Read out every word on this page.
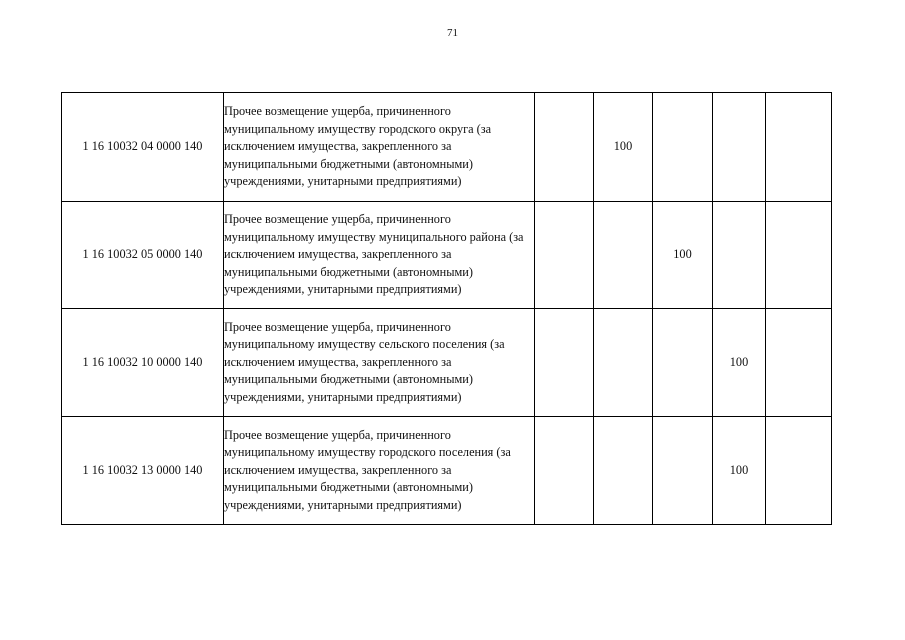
71
1 16 10032 04 0000 140	Прочее возмещение ущерба, причиненного муниципальному имуществу городского округа (за исключением имущества, закрепленного за муниципальными бюджетными (автономными) учреждениями, унитарными предприятиями)		100			
1 16 10032 05 0000 140	Прочее возмещение ущерба, причиненного муниципальному имуществу муниципального района (за исключением имущества, закрепленного за муниципальными бюджетными (автономными) учреждениями, унитарными предприятиями)			100		
1 16 10032 10 0000 140	Прочее возмещение ущерба, причиненного муниципальному имуществу сельского поселения (за исключением имущества, закрепленного за муниципальными бюджетными (автономными) учреждениями, унитарными предприятиями)				100	
1 16 10032 13 0000 140	Прочее возмещение ущерба, причиненного муниципальному имуществу городского поселения (за исключением имущества, закрепленного за муниципальными бюджетными (автономными) учреждениями, унитарными предприятиями)				100	
